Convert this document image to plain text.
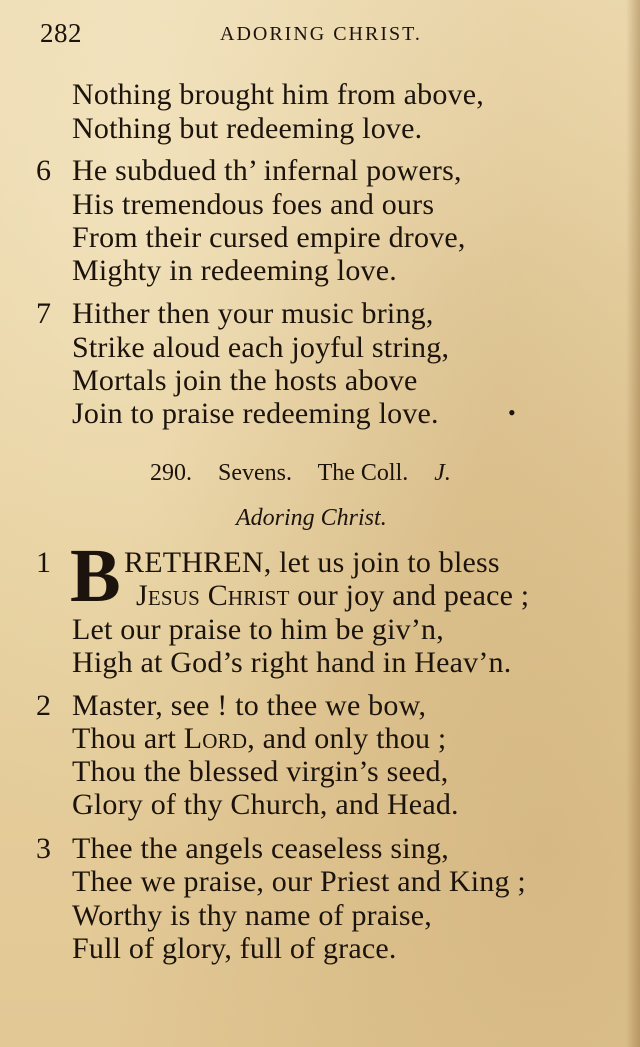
282	ADORING CHRIST.
Nothing brought him from above,
Nothing but redeeming love.
6 He subdued th’ infernal powers,
His tremendous foes and ours
From their cursed empire drove,
Mighty in redeeming love.
7 Hither then your music bring,
Strike aloud each joyful string,
Mortals join the hosts above
Join to praise redeeming love.	•
290. Sevens. The Coll. J.
Adoring Christ.
1 B RETHREN, let us join to bless
Jesus Christ our joy and peace ;
Let our praise to him be giv’n,
High at God’s right hand in Heav’n.
2 Master, see ! to thee we bow,
Thou art Lord, and only thou ;
Thou the blessed virgin’s seed,
Glory of thy Church, and Head.
3 Thee the angels ceaseless sing,
Thee we praise, our Priest and King ;
Worthy is thy name of praise,
Full of glory, full of grace.
